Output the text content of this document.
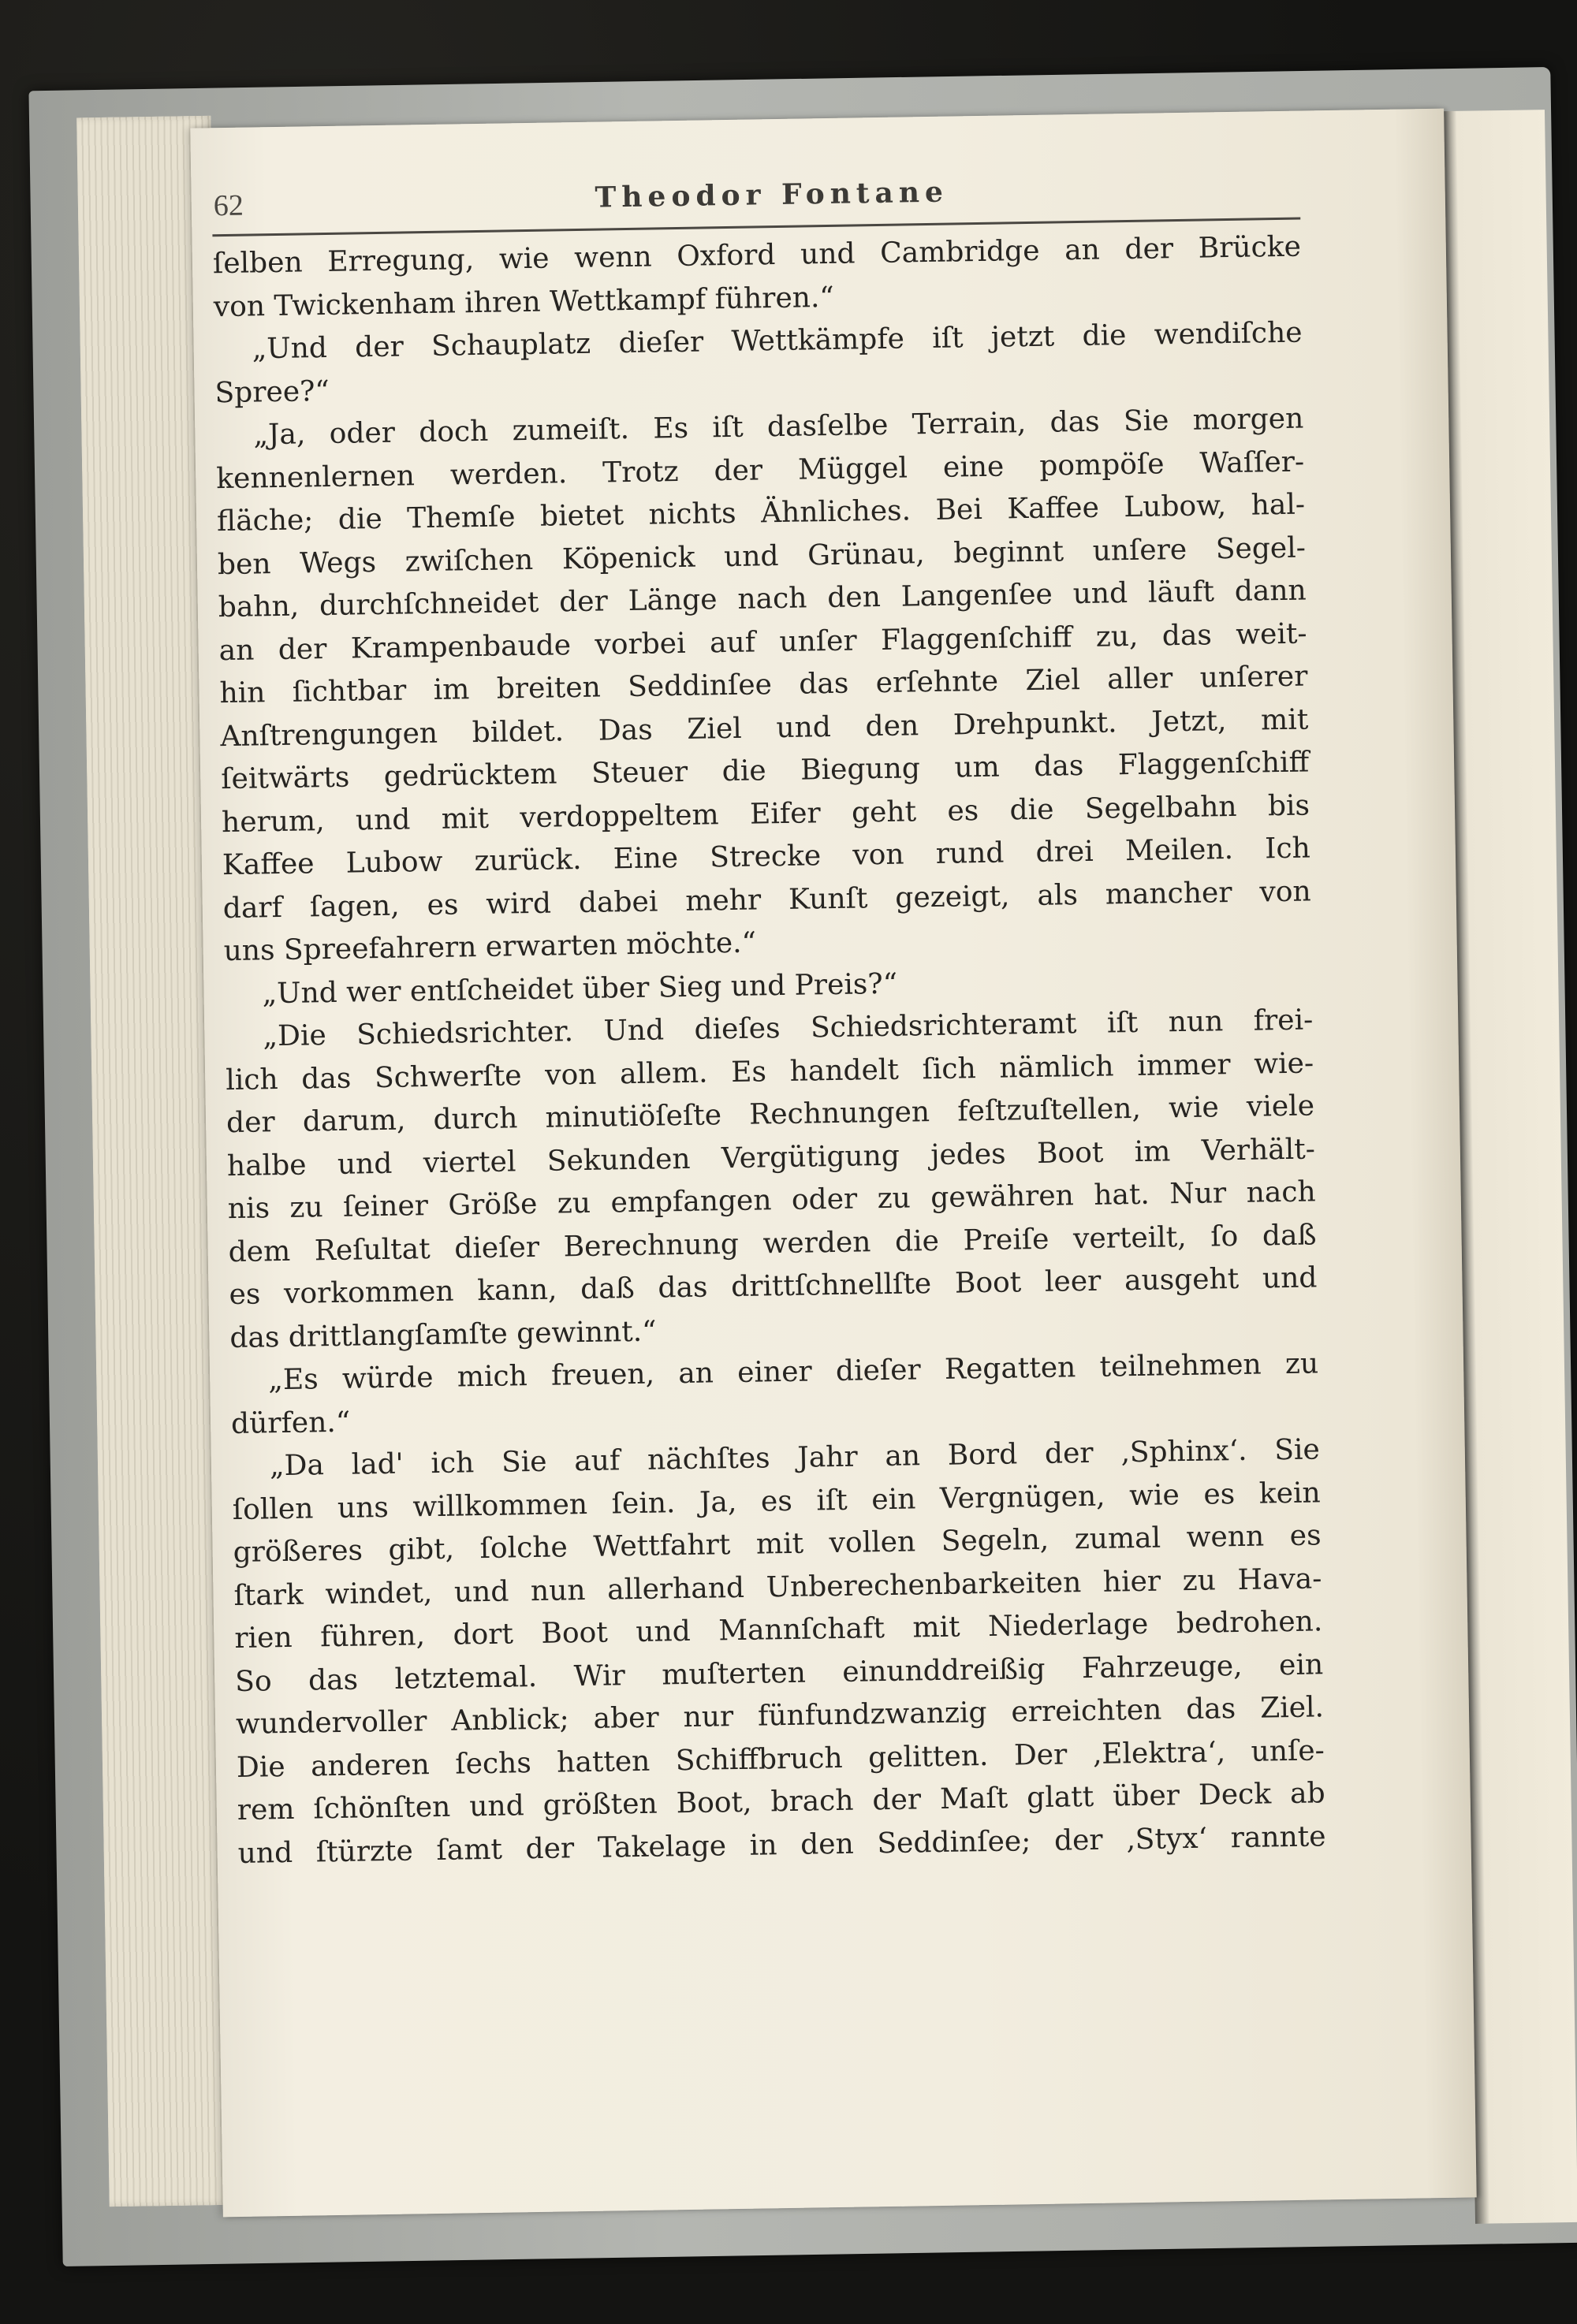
62	Theodor Fontane
ſelben Erregung, wie wenn Oxford und Cambridge an der Brücke
von Twickenham ihren Wettkampf führen.“
„Und der Schauplatz dieſer Wettkämpfe iſt jetzt die wendiſche
Spree?“
„Ja, oder doch zumeiſt. Es iſt dasſelbe Terrain, das Sie morgen
kennenlernen werden. Trotz der Müggel eine pompöſe Waſſer-
fläche; die Themſe bietet nichts Ähnliches. Bei Kaffee Lubow, hal-
ben Wegs zwiſchen Köpenick und Grünau, beginnt unſere Segel-
bahn, durchſchneidet der Länge nach den Langenſee und läuft dann
an der Krampenbaude vorbei auf unſer Flaggenſchiff zu, das weit-
hin ſichtbar im breiten Seddinſee das erſehnte Ziel aller unſerer
Anſtrengungen bildet. Das Ziel und den Drehpunkt. Jetzt, mit
ſeitwärts gedrücktem Steuer die Biegung um das Flaggenſchiff
herum, und mit verdoppeltem Eifer geht es die Segelbahn bis
Kaffee Lubow zurück. Eine Strecke von rund drei Meilen. Ich
darf ſagen, es wird dabei mehr Kunſt gezeigt, als mancher von
uns Spreefahrern erwarten möchte.“
„Und wer entſcheidet über Sieg und Preis?“
„Die Schiedsrichter. Und dieſes Schiedsrichteramt iſt nun frei-
lich das Schwerſte von allem. Es handelt ſich nämlich immer wie-
der darum, durch minutiöſeſte Rechnungen feſtzuſtellen, wie viele
halbe und viertel Sekunden Vergütigung jedes Boot im Verhält-
nis zu ſeiner Größe zu empfangen oder zu gewähren hat. Nur nach
dem Reſultat dieſer Berechnung werden die Preiſe verteilt, ſo daß
es vorkommen kann, daß das drittſchnellſte Boot leer ausgeht und
das drittlangſamſte gewinnt.“
„Es würde mich freuen, an einer dieſer Regatten teilnehmen zu
dürfen.“
„Da lad' ich Sie auf nächſtes Jahr an Bord der ‚Sphinx‘. Sie
ſollen uns willkommen ſein. Ja, es iſt ein Vergnügen, wie es kein
größeres gibt, ſolche Wettfahrt mit vollen Segeln, zumal wenn es
ſtark windet, und nun allerhand Unberechenbarkeiten hier zu Hava-
rien führen, dort Boot und Mannſchaft mit Niederlage bedrohen.
So das letztemal. Wir muſterten einunddreißig Fahrzeuge, ein
wundervoller Anblick; aber nur fünfundzwanzig erreichten das Ziel.
Die anderen ſechs hatten Schiffbruch gelitten. Der ‚Elektra‘, unſe-
rem ſchönſten und größten Boot, brach der Maſt glatt über Deck ab
und ſtürzte ſamt der Takelage in den Seddinſee; der ‚Styx‘ rannte
